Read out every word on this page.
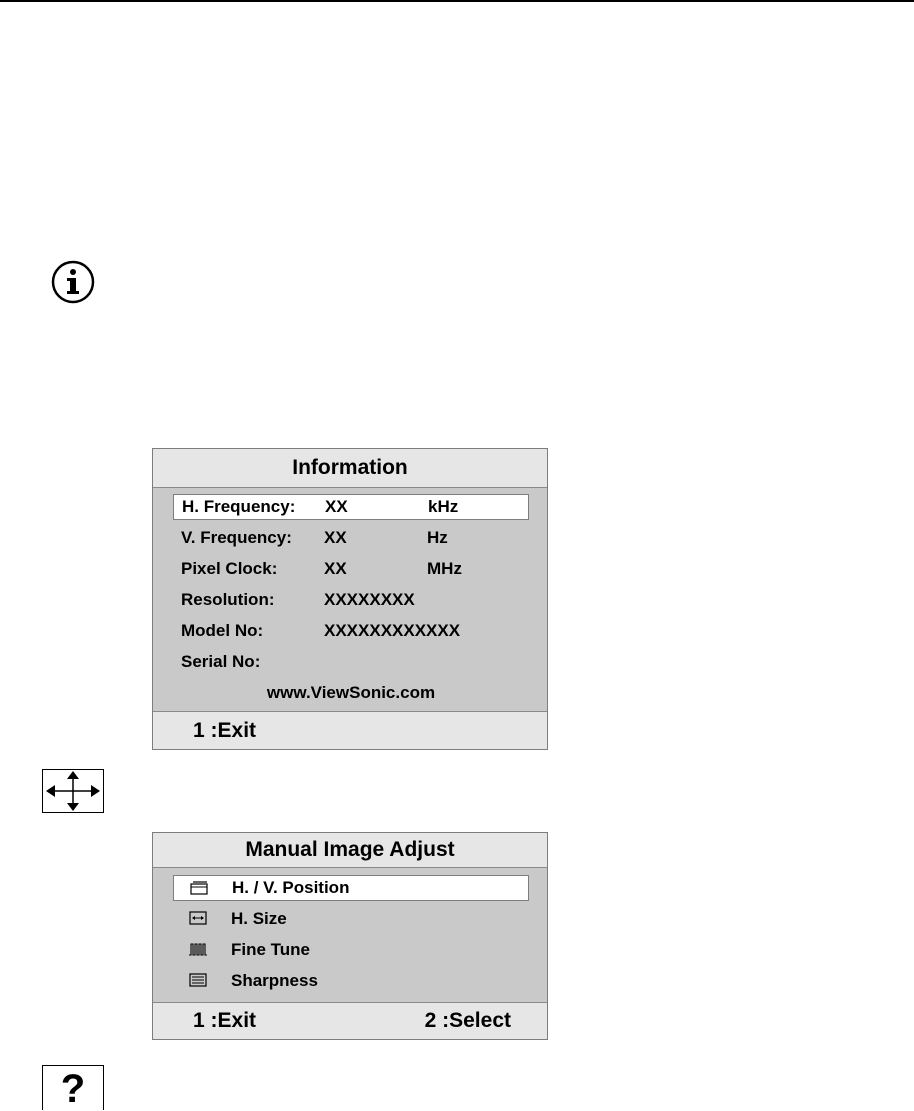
Information
H. Frequency: XX	kHz
V. Frequency: XX	Hz
Pixel Clock:	XX	MHz
Resolution:	XXXXXXXX
Model No:	XXXXXXXXXXXX
Serial No:
www.ViewSonic.com
1 :Exit
Manual Image Adjust
H. / V. Position
H. Size
Fine Tune
Sharpness
1 :Exit	2 :Select
?
